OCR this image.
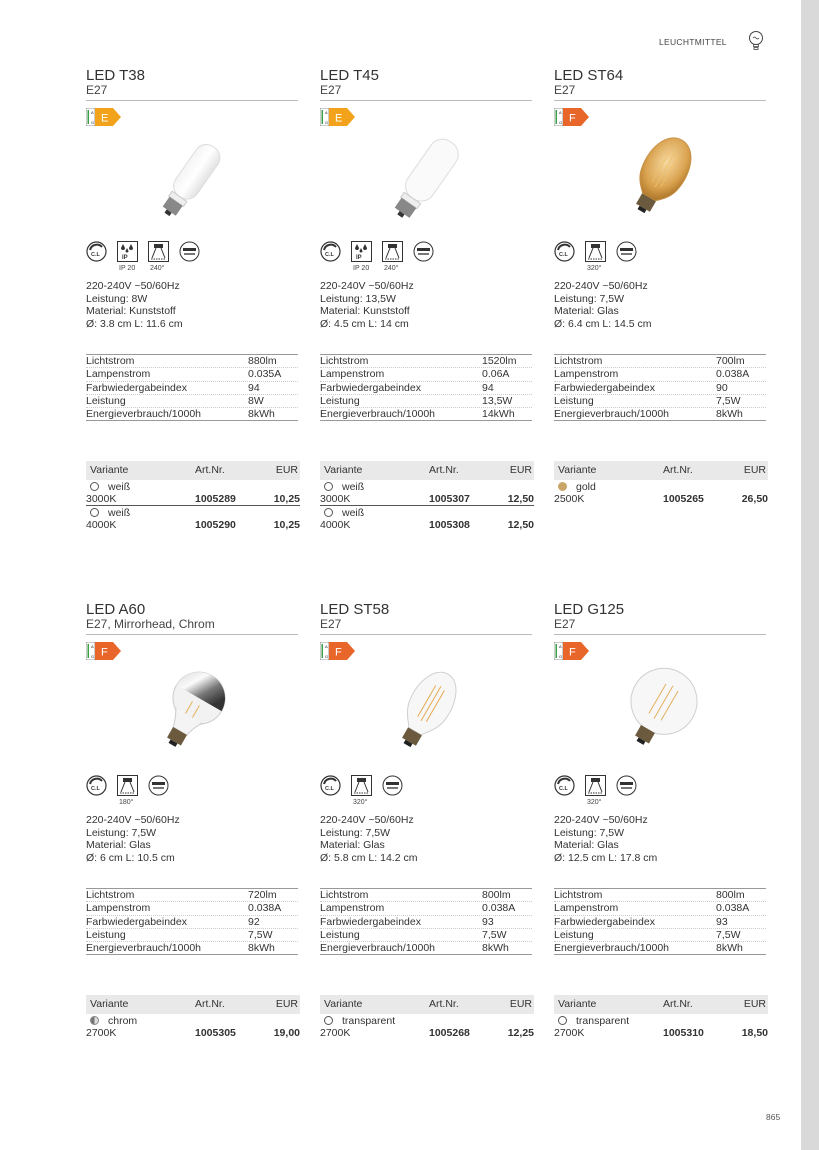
LEUCHTMITTEL
LED T38
E27
A
G E
C.L	IP
IP 20 240°
220-240V ~50/60Hz
Leistung: 8W
Material: Kunststoff
Ø: 3.8 cm L: 11.6 cm
Lichtstrom	880lm
Lampenstrom	0.035A
Farbwiedergabeindex	94
Leistung	8W
Energieverbrauch/1000h	8kWh
Variante	Art.Nr.	EUR
weiß
3000K	1005289	10,25
weiß
4000K	1005290	10,25
LED T45
E27
A
G E
C.L	IP
IP 20 240°
220-240V ~50/60Hz
Leistung: 13,5W
Material: Kunststoff
Ø: 4.5 cm L: 14 cm
Lichtstrom	1520lm
Lampenstrom	0.06A
Farbwiedergabeindex	94
Leistung	13,5W
Energieverbrauch/1000h	14kWh
Variante	Art.Nr.	EUR
weiß
3000K	1005307	12,50
weiß
4000K	1005308	12,50
LED ST64
E27
A
G F
C.L
320°
220-240V ~50/60Hz
Leistung: 7,5W
Material: Glas
Ø: 6.4 cm L: 14.5 cm
Lichtstrom	700lm
Lampenstrom	0.038A
Farbwiedergabeindex	90
Leistung	7,5W
Energieverbrauch/1000h	8kWh
Variante	Art.Nr.	EUR
gold
2500K	1005265	26,50
LED A60
E27, Mirrorhead, Chrom
A
G F
C.L
180°
220-240V ~50/60Hz
Leistung: 7,5W
Material: Glas
Ø: 6 cm L: 10.5 cm
Lichtstrom	720lm
Lampenstrom	0.038A
Farbwiedergabeindex	92
Leistung	7,5W
Energieverbrauch/1000h	8kWh
Variante	Art.Nr.	EUR
chrom
2700K	1005305	19,00
LED ST58
E27
A
G F
C.L
320°
220-240V ~50/60Hz
Leistung: 7,5W
Material: Glas
Ø: 5.8 cm L: 14.2 cm
Lichtstrom	800lm
Lampenstrom	0.038A
Farbwiedergabeindex	93
Leistung	7,5W
Energieverbrauch/1000h	8kWh
Variante	Art.Nr.	EUR
transparent
2700K	1005268	12,25
LED G125
E27
A
G F
C.L
320°
220-240V ~50/60Hz
Leistung: 7,5W
Material: Glas
Ø: 12.5 cm L: 17.8 cm
Lichtstrom	800lm
Lampenstrom	0.038A
Farbwiedergabeindex	93
Leistung	7,5W
Energieverbrauch/1000h	8kWh
Variante	Art.Nr.	EUR
transparent
2700K	1005310	18,50
865
